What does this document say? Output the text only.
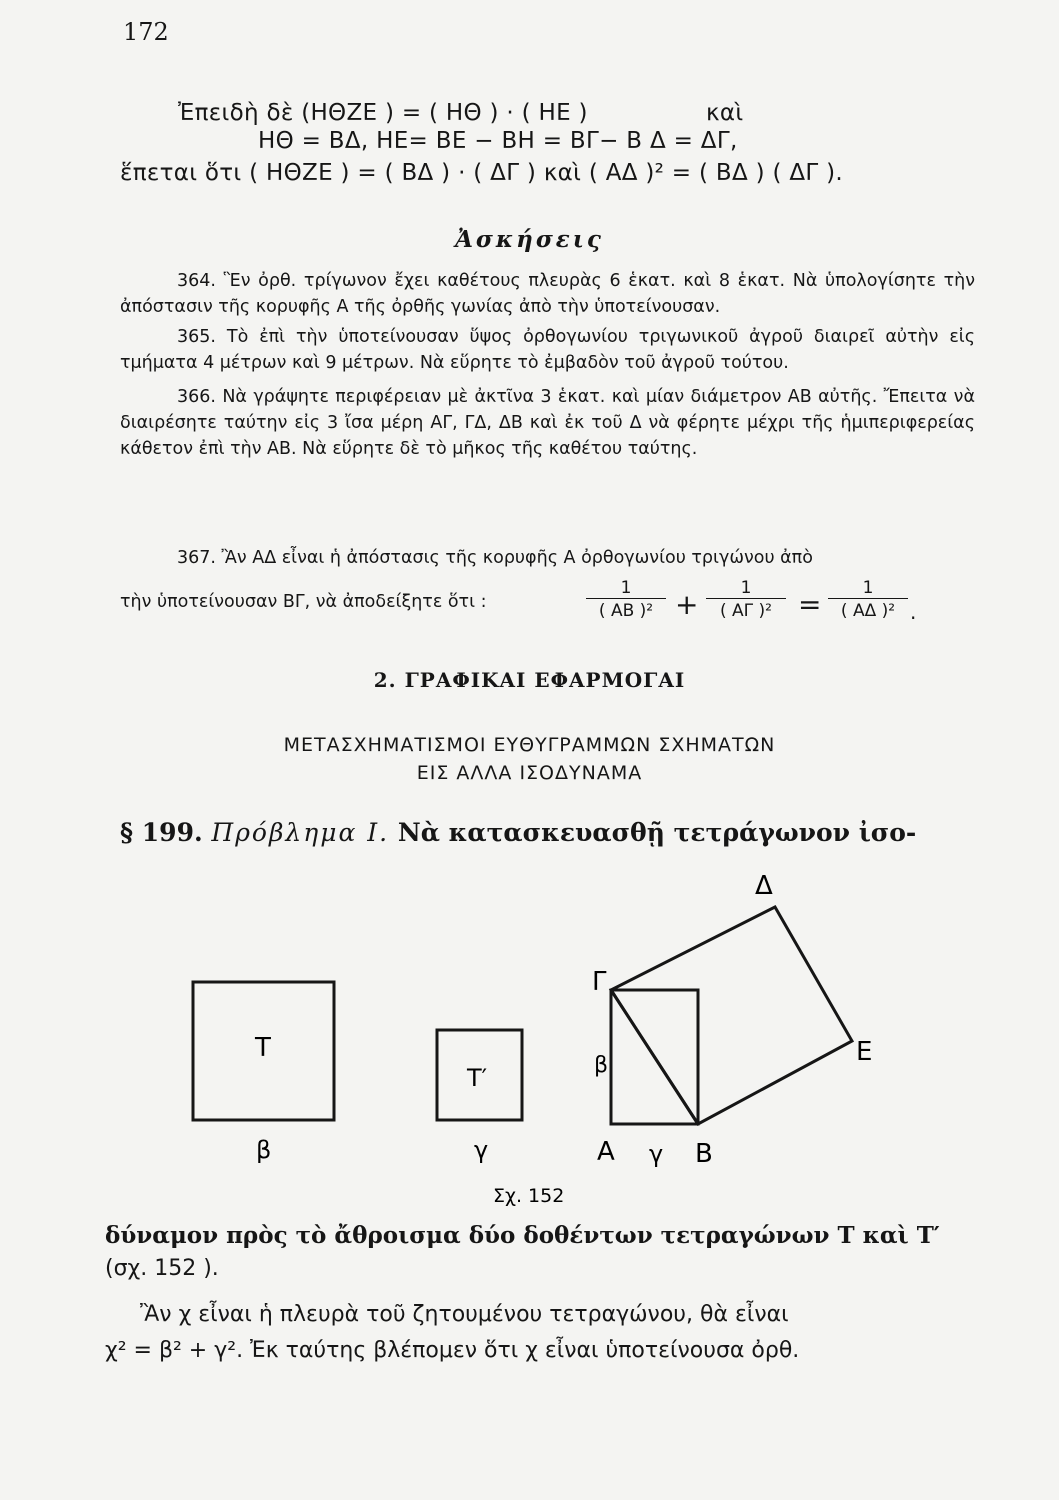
172
Ἐπειδὴ δὲ (ΗΘΖΕ ) = ( ΗΘ ) · ( ΗΕ )	καὶ
ΗΘ = ΒΔ, ΗΕ= ΒΕ − ΒΗ = ΒΓ− Β Δ = ΔΓ,
ἕπεται ὅτι ( ΗΘΖΕ ) = ( ΒΔ ) · ( ΔΓ ) καὶ ( ΑΔ )² = ( ΒΔ ) ( ΔΓ ).
Ἀσκήσεις

364. Ἓν ὀρθ. τρίγωνον ἔχει καθέτους πλευρὰς 6 ἑκατ. καὶ 8 ἑκατ. Νὰ ὑπολογίσητε τὴν ἀπόστασιν τῆς κορυφῆς Α τῆς ὀρθῆς γωνίας ἀπὸ τὴν ὑποτείνουσαν.

365. Τὸ ἐπὶ τὴν ὑποτείνουσαν ὕψος ὀρθογωνίου τριγωνικοῦ ἀγροῦ διαιρεῖ αὐτὴν εἰς τμήματα 4 μέτρων καὶ 9 μέτρων. Νὰ εὕρητε τὸ ἐμβαδὸν τοῦ ἀγροῦ τούτου.

366. Νὰ γράψητε περιφέρειαν μὲ ἀκτῖνα 3 ἑκατ. καὶ μίαν διάμετρον ΑΒ αὐτῆς. Ἔπειτα νὰ διαιρέσητε ταύτην εἰς 3 ἴσα μέρη ΑΓ, ΓΔ, ΔΒ καὶ ἐκ τοῦ Δ νὰ φέρητε μέχρι τῆς ἡμιπεριφερείας κάθετον ἐπὶ τὴν ΑΒ. Νὰ εὕρητε δὲ τὸ μῆκος τῆς καθέτου ταύτης.

367. Ἂν ΑΔ εἶναι ἡ ἀπόστασις τῆς κορυφῆς Α ὀρθογωνίου τριγώνου ἀπὸ
τὴν ὑποτείνουσαν ΒΓ, νὰ ἀποδείξητε ὅτι :	$\frac{1}{\text{( ΑΒ )²}} + \frac{1}{\text{( ΑΓ )²}} = \frac{1}{\text{( ΑΔ )²}}$ .
2. ΓΡΑΦΙΚΑΙ ΕΦΑΡΜΟΓΑΙ
ΜΕΤΑΣΧΗΜΑΤΙΣΜΟΙ ΕΥΘΥΓΡΑΜΜΩΝ ΣΧΗΜΑΤΩΝ
ΕΙΣ ΑΛΛΑ ΙΣΟΔΥΝΑΜΑ
§ 199. Πρόβλημα I. Νὰ κατασκευασθῇ τετράγωνον ἰσο-
Τ
β
Τ′
γ	Α γ Β
Γ
Δ
Ε
β
Σχ. 152
δύναμον πρὸς τὸ ἄθροισμα δύο δοθέντων τετραγώνων Τ καὶ Τ′
(σχ. 152 ).
Ἂν χ εἶναι ἡ πλευρὰ τοῦ ζητουμένου τετραγώνου, θὰ εἶναι
χ² = β² + γ². Ἐκ ταύτης βλέπομεν ὅτι χ εἶναι ὑποτείνουσα ὀρθ.
